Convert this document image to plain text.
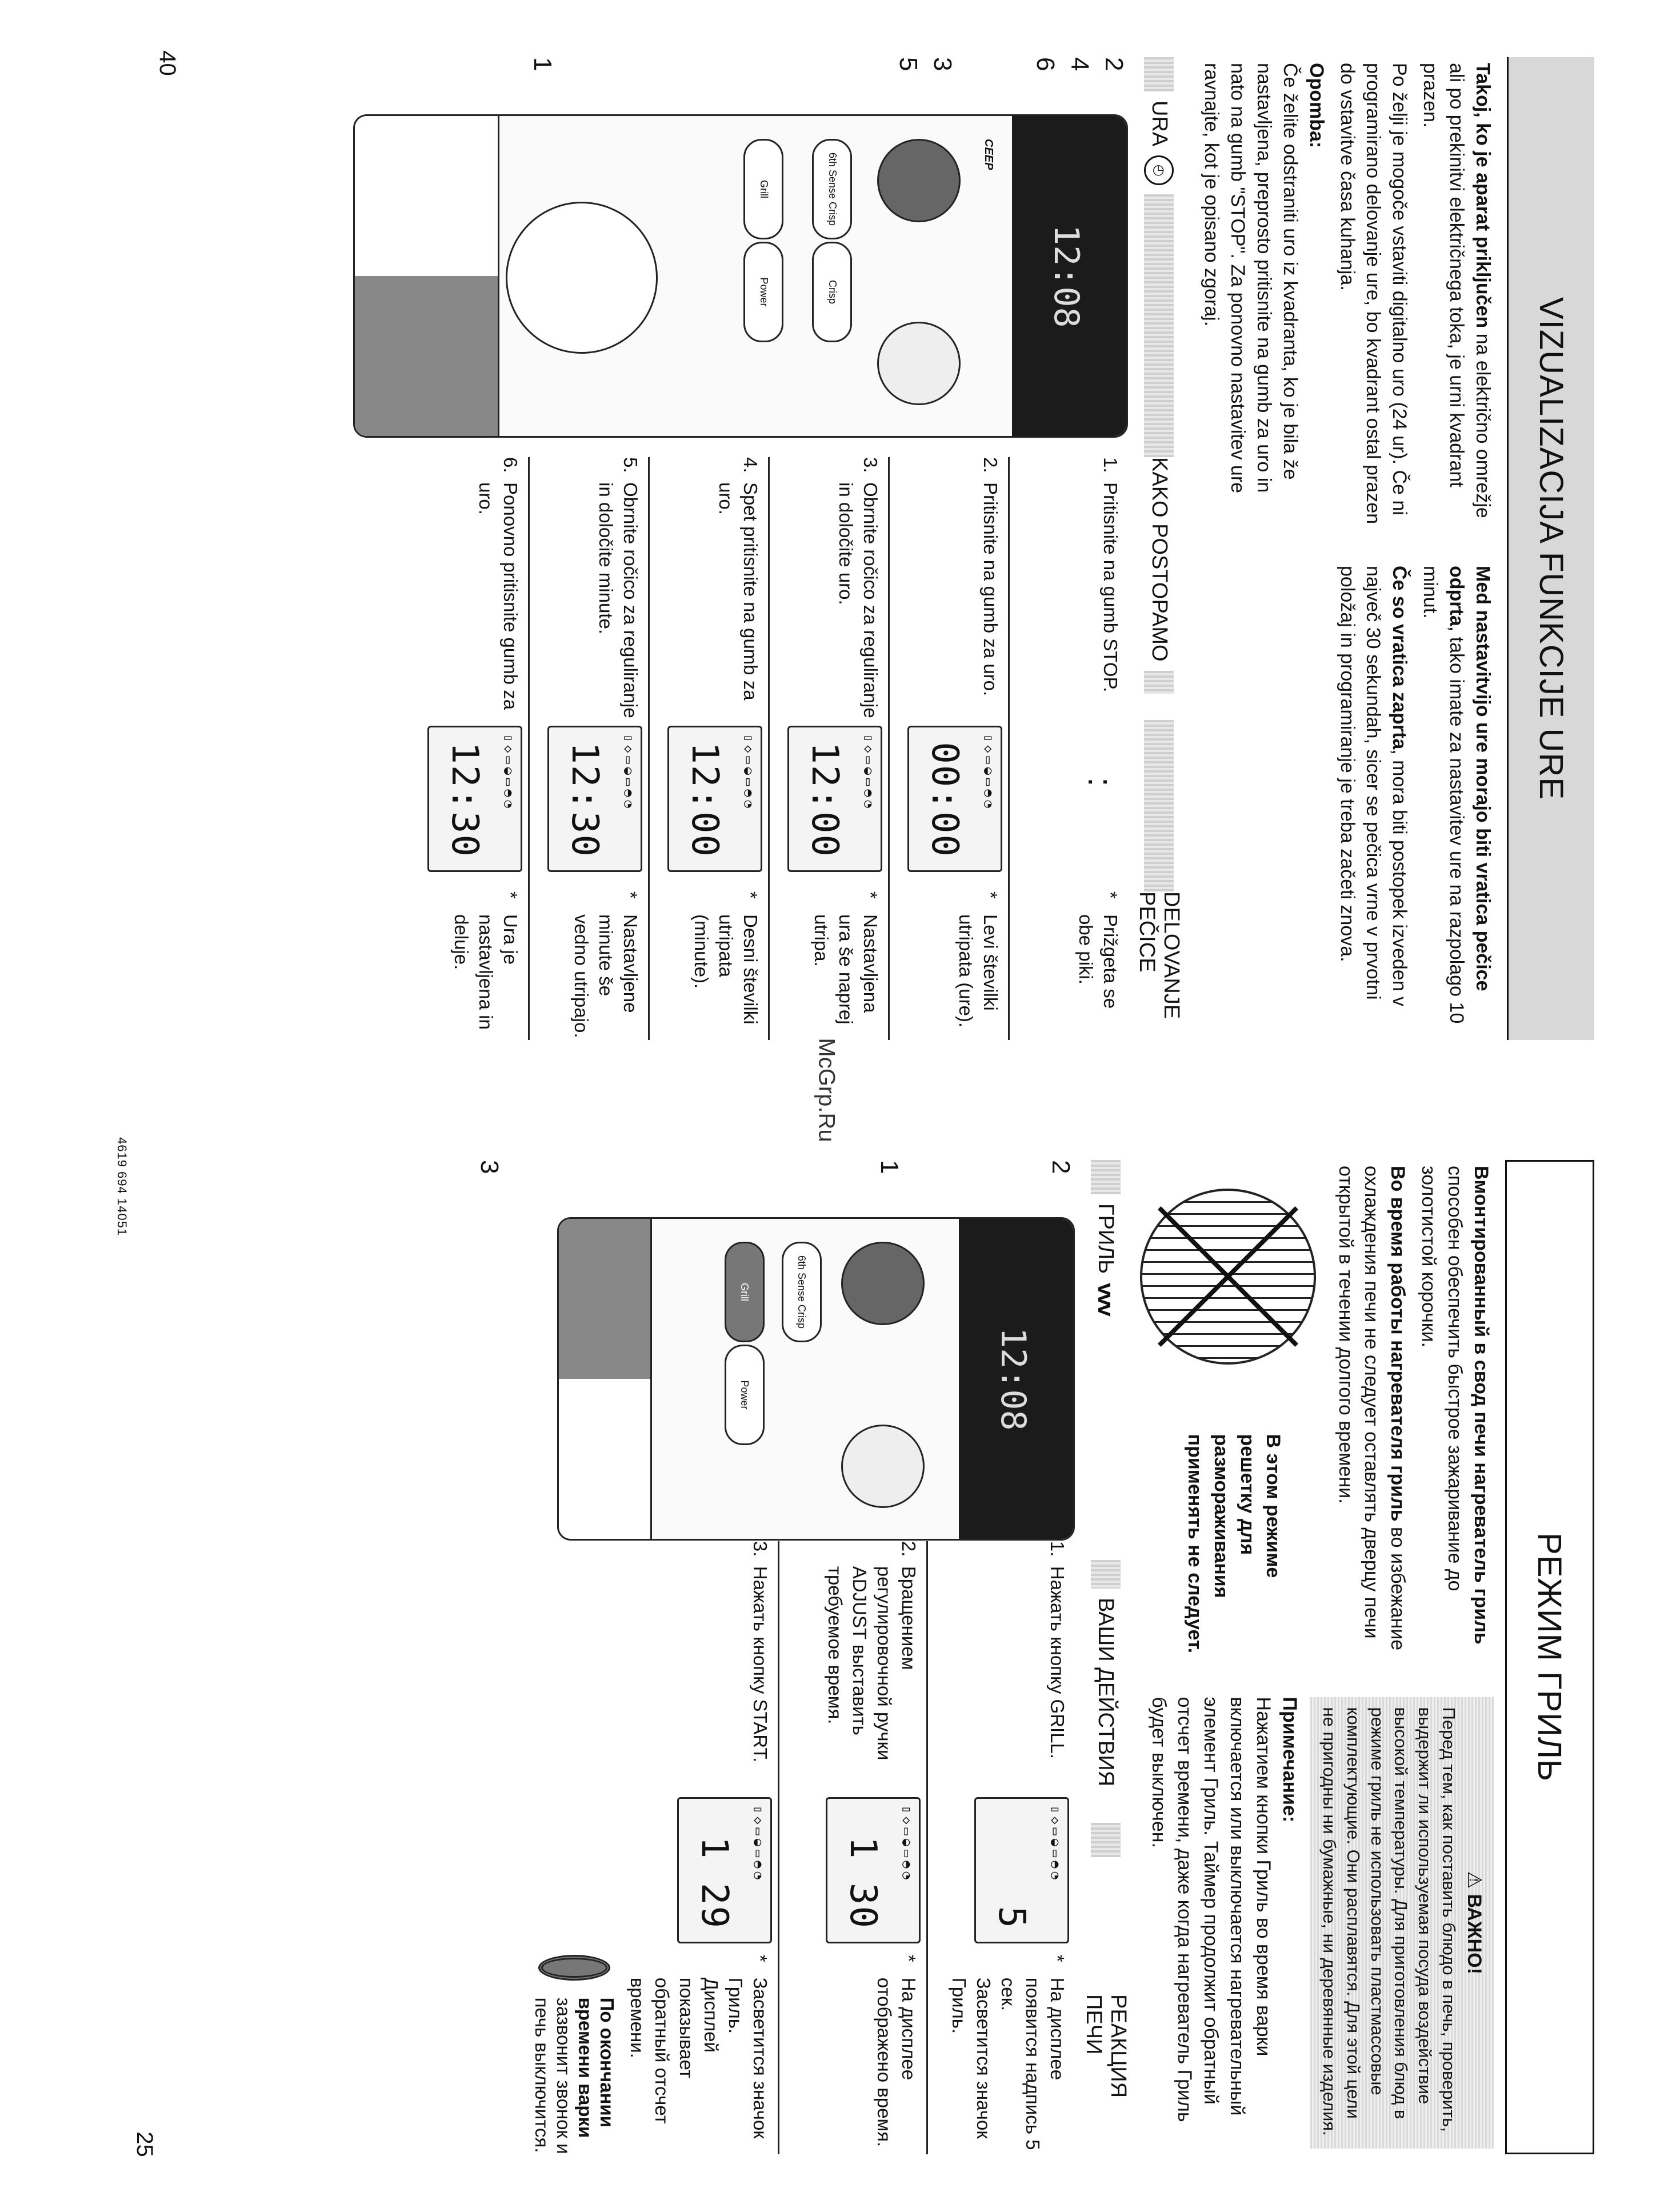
40
25
4619 694 14051
McGrp.Ru
VIZUALIZACIJA FUNKCIJE URE

Takoj, ko je aparat priključen na električno omrežje ali po prekinitvi električnega toka, je urni kvadrant prazen.

Po želji je mogoče vstaviti digitalno uro (24 ur). Če ni programirano delovanje ure, bo kvadrant ostal prazen do vstavitve časa kuhanja.

Opomba:
Če želite odstraniti uro iz kvadranta, ko je bila že nastavljena, preprosto pritisnite na gumb za uro in nato na gumb "STOP". Za ponovno nastavitev ure ravnajte, kot je opisano zgoraj.

Med nastavitvijo ure morajo biti vratica pečice odprta, tako imate za nastavitev ure na razpolago 10 minut.

Če so vratica zaprta, mora biti postopek izveden v največ 30 sekundah, sicer se pečica vrne v prvotni položaj in programiranje je treba začeti znova.

URA
◴
KAKO POSTOPAMO
DELOVANJE PEČICE
2
4
6
3
5
1
12:08
CEEP
6th Sense Crisp
Crisp
Grill
Power
1.
Pritisnite na gumb STOP.
2.
Pritisnite na gumb za uro.
3.
Obrnite ročico za reguliranje in določite uro.
4.
Spet pritisnite na gumb za uro.
5.
Obrnite ročico za reguliranje in določite minute.
6.
Ponovno pritisnite gumb za uro.
:
▯◇▭◒▭◓◔
00:00
▯◇▭◒▭◓◔
12:00
▯◇▭◒▭◓◔
12:00
▯◇▭◒▭◓◔
12:30
▯◇▭◒▭◓◔
12:30
*
Prižgeta se obe piki.
*
Levi številki utripata (ure).
*
Nastavljena ura še naprej utripa.
*
Desni številki utripata (minute).
*
Nastavljene minute še vedno utripajo.
*
Ura je nastavljena in deluje.
РЕЖИМ ГРИЛЬ

Вмонтированный в свод печи нагреватель гриль способен обеспечить быстрое зажаривание до золотистой корочки.

Во время работы нагревателя гриль во избежание охлаждения печи не следует оставлять дверцу печи открытой в течении долгого времени.

В этом режиме решетку для размораживания применять не следует.
⚠ ВАЖНО!
Перед тем, как поставить блюдо в печь, проверить, выдержит ли используемая посуда воздействие высокой температуры. Для приготовления блюд в режиме гриль не использовать пластмассовые комплектующие. Они расплавятся. Для этой цели не пригодны ни бумажные, ни деревянные изделия.

Примечание:
Нажатием кнопки Гриль во время варки включается или выключается нагревательный элемент Гриль. Таймер продолжит обратный отсчет времени, даже когда нагреватель Гриль будет выключен.

ГРИЛЬ
vvv
ВАШИ ДЕЙСТВИЯ
РЕАКЦИЯ ПЕЧИ
2
1
3
12:08
6th Sense Crisp
Grill
Power
1.
Нажать кнопку GRILL.
2.
Вращением регулировочной ручки ADJUST выставить требуемое время.
3.
Нажать кнопку START.
▯◇▭◒▭◓◔
5
▯◇▭◒▭◓◔
1 30
▯◇▭◒▭◓◔
1 29
*
На дисплее появится надпись 5 сек.
Засветится значок Гриль.
*
На дисплее отображено время.
*
Засветится значок Гриль.
Дисплей показывает обратный отсчет времени.
По окончании времени варки зазвонит звонок и печь выключится.
